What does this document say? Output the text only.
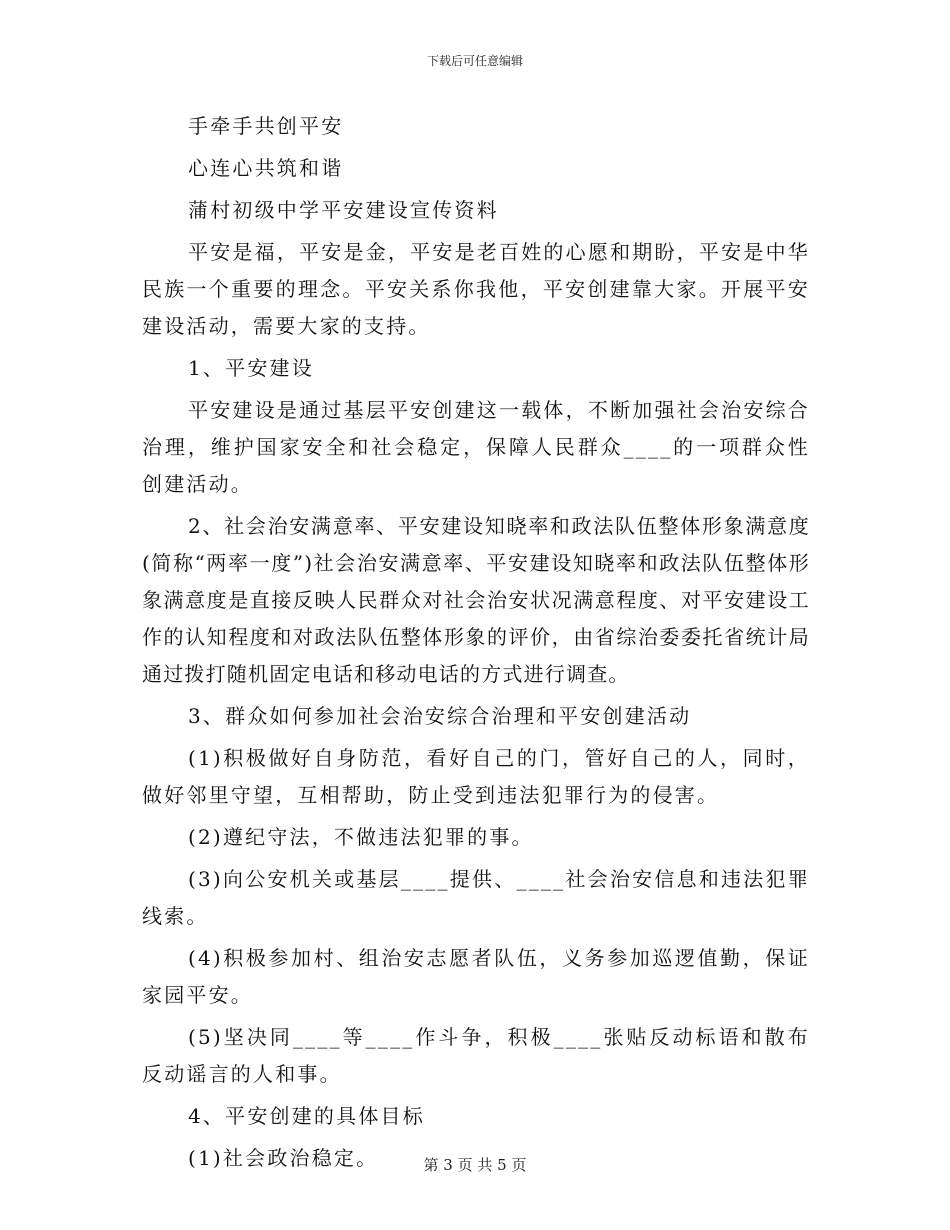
下载后可任意编辑

手牵手共创平安

心连心共筑和谐

蒲村初级中学平安建设宣传资料

平安是福，平安是金，平安是老百姓的心愿和期盼，平安是中华民族一个重要的理念。平安关系你我他，平安创建靠大家。开展平安建设活动，需要大家的支持。

1、平安建设

平安建设是通过基层平安创建这一载体，不断加强社会治安综合治理，维护国家安全和社会稳定，保障人民群众____的一项群众性创建活动。

2、社会治安满意率、平安建设知晓率和政法队伍整体形象满意度(简称“两率一度”)社会治安满意率、平安建设知晓率和政法队伍整体形象满意度是直接反映人民群众对社会治安状况满意程度、对平安建设工作的认知程度和对政法队伍整体形象的评价，由省综治委委托省统计局通过拨打随机固定电话和移动电话的方式进行调查。

3、群众如何参加社会治安综合治理和平安创建活动

(1)积极做好自身防范，看好自己的门，管好自己的人，同时，做好邻里守望，互相帮助，防止受到违法犯罪行为的侵害。

(2)遵纪守法，不做违法犯罪的事。

(3)向公安机关或基层____提供、____社会治安信息和违法犯罪线索。

(4)积极参加村、组治安志愿者队伍，义务参加巡逻值勤，保证家园平安。

(5)坚决同____等____作斗争，积极____张贴反动标语和散布反动谣言的人和事。

4、平安创建的具体目标

(1)社会政治稳定。	第 3 页 共 5 页
